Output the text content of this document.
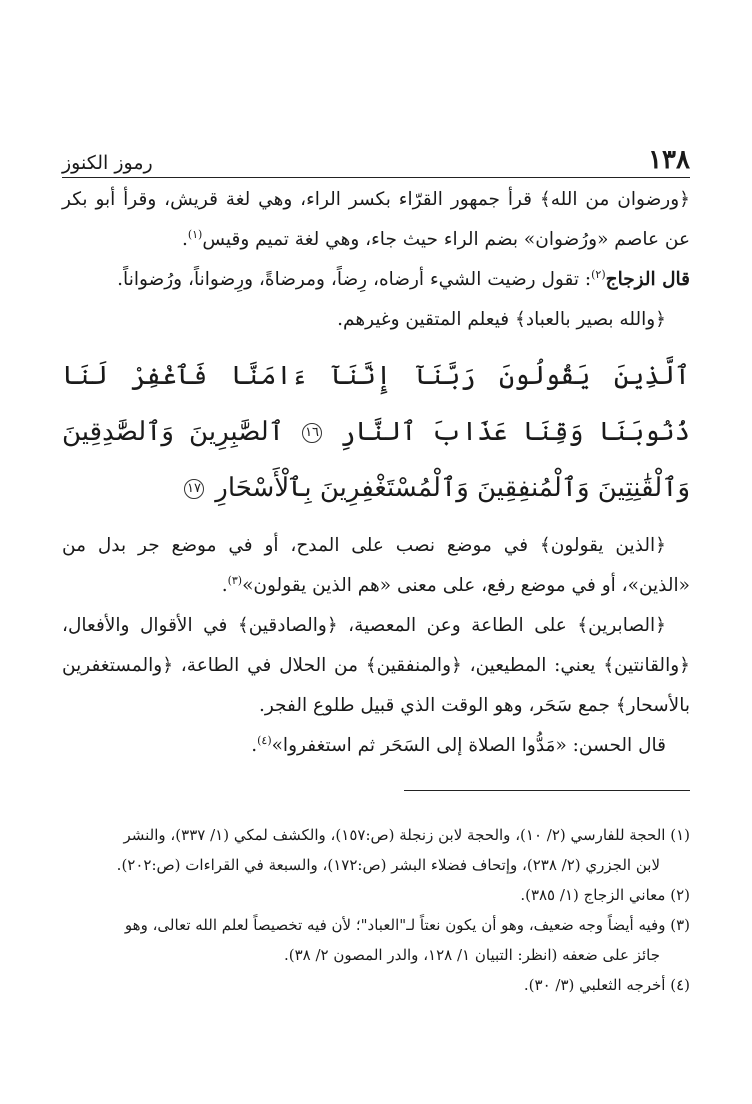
١٣٨
رموز الكنوز

﴿ورضوان من الله﴾ قرأ جمهور القرّاء بكسر الراء، وهي لغة قريش، وقرأ أبو بكر عن عاصم «ورُضوان» بضم الراء حيث جاء، وهي لغة تميم وقيس$^{(١)}$.

قال الزجاج$^{(٢)}$: تقول رضيت الشيء أرضاه، رِضاً، ومرضاةً، ورِضواناً، ورُضواناً.

﴿والله بصير بالعباد﴾ فيعلم المتقين وغيرهم.

ٱلَّذِينَ يَقُولُونَ رَبَّنَآ إِنَّنَآ ءَامَنَّا فَٱغْفِرْ لَنَا ذُنُوبَنَا وَقِنَا عَذَابَ ٱلنَّارِ ١٦ ٱلصَّٰبِرِينَ وَٱلصَّٰدِقِينَ وَٱلْقَٰنِتِينَ وَٱلْمُنفِقِينَ وَٱلْمُسْتَغْفِرِينَ بِٱلْأَسْحَارِ ١٧

﴿الذين يقولون﴾ في موضع نصب على المدح، أو في موضع جر بدل من «الذين»، أو في موضع رفع، على معنى «هم الذين يقولون»$^{(٣)}$.

﴿الصابرين﴾ على الطاعة وعن المعصية، ﴿والصادقين﴾ في الأقوال والأفعال، ﴿والقانتين﴾ يعني: المطيعين، ﴿والمنفقين﴾ من الحلال في الطاعة، ﴿والمستغفرين بالأسحار﴾ جمع سَحَر، وهو الوقت الذي قبيل طلوع الفجر.

قال الحسن: «مَدُّوا الصلاة إلى السَحَر ثم استغفروا»$^{(٤)}$.

(١) الحجة للفارسي (٢/ ١٠)، والحجة لابن زنجلة (ص:١٥٧)، والكشف لمكي (١/ ٣٣٧)، والنشر

لابن الجزري (٢/ ٢٣٨)، وإتحاف فضلاء البشر (ص:١٧٢)، والسبعة في القراءات (ص:٢٠٢).

(٢) معاني الزجاج (١/ ٣٨٥).

(٣) وفيه أيضاً وجه ضعيف، وهو أن يكون نعتاً لـ"العباد"؛ لأن فيه تخصيصاً لعلم الله تعالى، وهو

جائز على ضعفه (انظر: التبيان ١/ ١٢٨، والدر المصون ٢/ ٣٨).

(٤) أخرجه الثعلبي (٣/ ٣٠).
